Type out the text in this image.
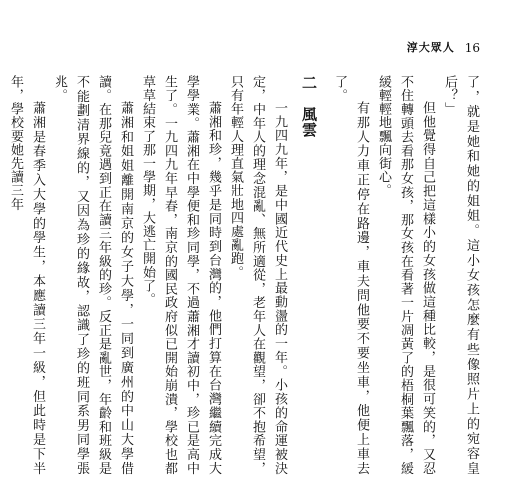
淳大眾人 16

了，就是她和她的姐姐。這小女孩怎麼有些像照片上的宛容皇后？」

但他覺得自己把這樣小的女孩做這種比較，是很可笑的，又忍不住轉頭去看那女孩，那女孩在看著一片凋黃了的梧桐葉飄落，緩緩輕輕地飄向街心。

有那人力車正停在路邊，車夫問他要不要坐車，他便上車去了。

二 風雲

一九四九年，是中國近代史上最動盪的一年。小孩的命運被決定，中年人的理念混亂、無所適從，老年人在觀望，卻不抱希望，只有年輕人理直氣壯地四處亂跑。

蕭湘和珍，幾乎是同時到台灣的，他們打算在台灣繼續完成大學學業。蕭湘在中學便和珍同學，不過蕭湘才讀初中，珍已是高中生了。一九四九年早春，南京的國民政府似已開始崩潰，學校也都草草結束了那一學期，大逃亡開始了。

蕭湘和姐姐離開南京的女子大學，一同到廣州的中山大學借讀。在那兒竟遇到正在讀三年級的珍。反正是亂世，年齡和班級是不能劃清界線的，又因為珍的緣故，認識了珍的班同系男同學張兆。

蕭湘是春季入大學的學生，本應讀三年一級，但此時是下半年，學校要她先讀三年
